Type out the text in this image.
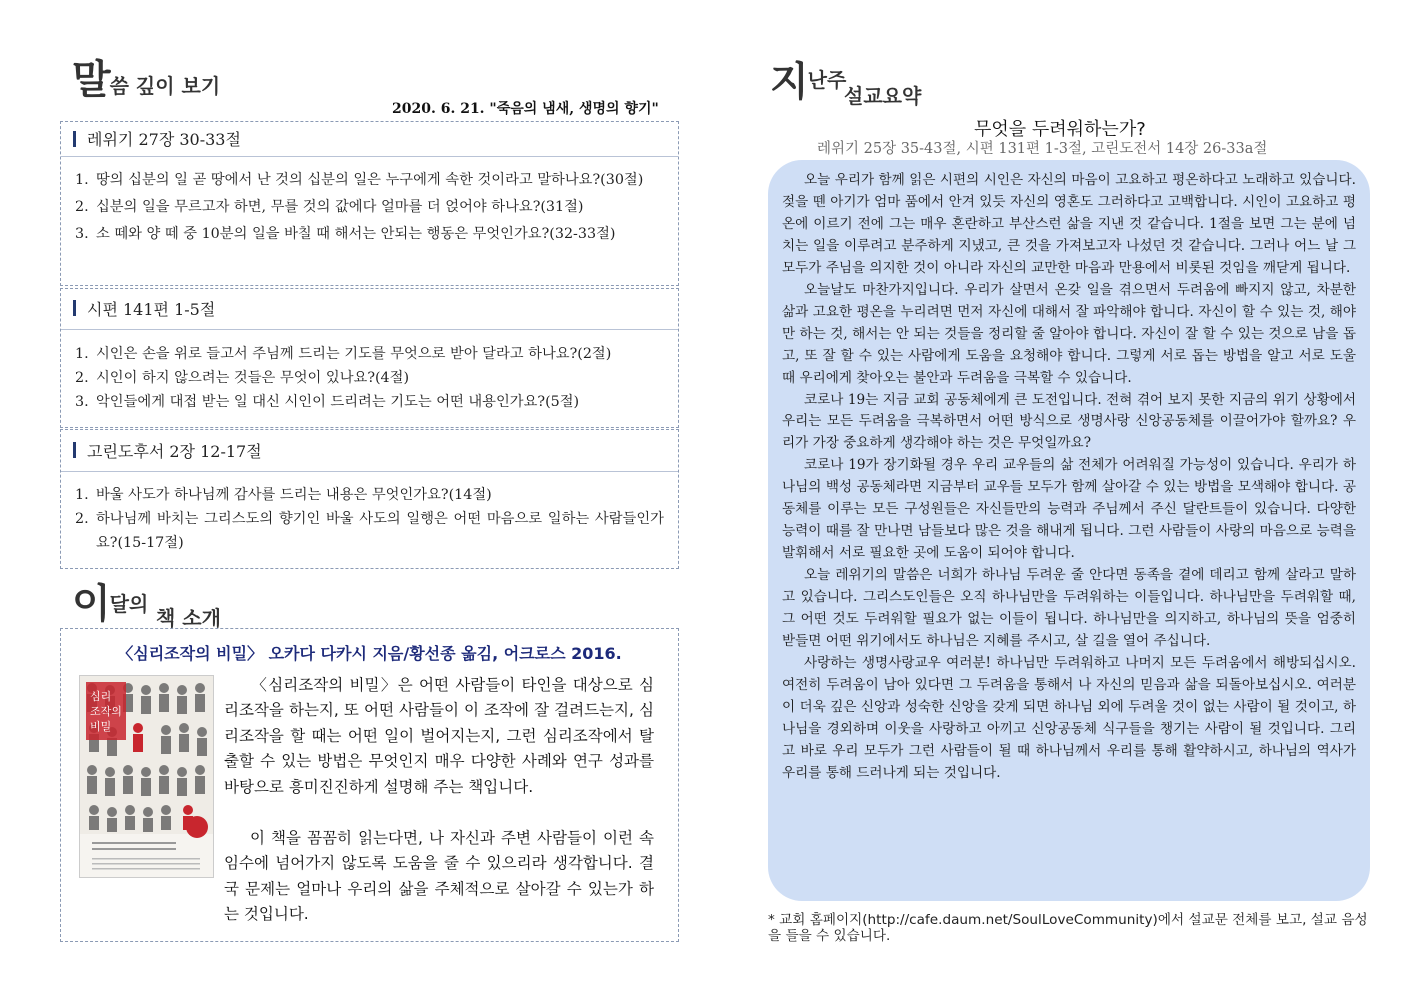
말씀 깊이 보기
2020. 6. 21. "죽음의 냄새, 생명의 향기"
레위기 27장 30-33절
1. 땅의 십분의 일 곧 땅에서 난 것의 십분의 일은 누구에게 속한 것이라고 말하나요?(30절)
2. 십분의 일을 무르고자 하면, 무를 것의 값에다 얼마를 더 얹어야 하나요?(31절)
3. 소 떼와 양 떼 중 10분의 일을 바칠 때 해서는 안되는 행동은 무엇인가요?(32-33절)
시편 141편 1-5절
1. 시인은 손을 위로 들고서 주님께 드리는 기도를 무엇으로 받아 달라고 하나요?(2절)
2. 시인이 하지 않으려는 것들은 무엇이 있나요?(4절)
3. 악인들에게 대접 받는 일 대신 시인이 드리려는 기도는 어떤 내용인가요?(5절)
고린도후서 2장 12-17절
1. 바울 사도가 하나님께 감사를 드리는 내용은 무엇인가요?(14절)
2. 하나님께 바치는 그리스도의 향기인 바울 사도의 일행은 어떤 마음으로 일하는 사람들인가요?(15-17절)
이달의
책 소개
〈심리조작의 비밀〉 오카다 다카시 지음/황선종 옮김, 어크로스 2016.
심리
조작의
비밀
〈심리조작의 비밀〉은 어떤 사람들이 타인을 대상으로 심리조작을 하는지, 또 어떤 사람들이 이 조작에 잘 걸려드는지, 심리조작을 할 때는 어떤 일이 벌어지는지, 그런 심리조작에서 탈출할 수 있는 방법은 무엇인지 매우 다양한 사례와 연구 성과를 바탕으로 흥미진진하게 설명해 주는 책입니다.
이 책을 꼼꼼히 읽는다면, 나 자신과 주변 사람들이 이런 속임수에 넘어가지 않도록 도움을 줄 수 있으리라 생각합니다. 결국 문제는 얼마나 우리의 삶을 주체적으로 살아갈 수 있는가 하는 것입니다.
지난주
설교요약
무엇을 두려워하는가?
레위기 25장 35-43절, 시편 131편 1-3절, 고린도전서 14장 26-33a절

오늘 우리가 함께 읽은 시편의 시인은 자신의 마음이 고요하고 평온하다고 노래하고 있습니다. 젖을 뗀 아기가 엄마 품에서 안겨 있듯 자신의 영혼도 그러하다고 고백합니다. 시인이 고요하고 평온에 이르기 전에 그는 매우 혼란하고 부산스런 삶을 지낸 것 같습니다. 1절을 보면 그는 분에 넘치는 일을 이루려고 분주하게 지냈고, 큰 것을 가져보고자 나섰던 것 같습니다. 그러나 어느 날 그 모두가 주님을 의지한 것이 아니라 자신의 교만한 마음과 만용에서 비롯된 것임을 깨닫게 됩니다.

오늘날도 마찬가지입니다. 우리가 살면서 온갖 일을 겪으면서 두려움에 빠지지 않고, 차분한 삶과 고요한 평온을 누리려면 먼저 자신에 대해서 잘 파악해야 합니다. 자신이 할 수 있는 것, 해야만 하는 것, 해서는 안 되는 것들을 정리할 줄 알아야 합니다. 자신이 잘 할 수 있는 것으로 남을 돕고, 또 잘 할 수 있는 사람에게 도움을 요청해야 합니다. 그렇게 서로 돕는 방법을 알고 서로 도울 때 우리에게 찾아오는 불안과 두려움을 극복할 수 있습니다.

코로나 19는 지금 교회 공동체에게 큰 도전입니다. 전혀 겪어 보지 못한 지금의 위기 상황에서 우리는 모든 두려움을 극복하면서 어떤 방식으로 생명사랑 신앙공동체를 이끌어가야 할까요? 우리가 가장 중요하게 생각해야 하는 것은 무엇일까요?

코로나 19가 장기화될 경우 우리 교우들의 삶 전체가 어려워질 가능성이 있습니다. 우리가 하나님의 백성 공동체라면 지금부터 교우들 모두가 함께 살아갈 수 있는 방법을 모색해야 합니다. 공동체를 이루는 모든 구성원들은 자신들만의 능력과 주님께서 주신 달란트들이 있습니다. 다양한 능력이 때를 잘 만나면 남들보다 많은 것을 해내게 됩니다. 그런 사람들이 사랑의 마음으로 능력을 발휘해서 서로 필요한 곳에 도움이 되어야 합니다.

오늘 레위기의 말씀은 너희가 하나님 두려운 줄 안다면 동족을 곁에 데리고 함께 살라고 말하고 있습니다. 그리스도인들은 오직 하나님만을 두려워하는 이들입니다. 하나님만을 두려워할 때, 그 어떤 것도 두려워할 필요가 없는 이들이 됩니다. 하나님만을 의지하고, 하나님의 뜻을 엄중히 받들면 어떤 위기에서도 하나님은 지혜를 주시고, 살 길을 열어 주십니다.

사랑하는 생명사랑교우 여러분! 하나님만 두려워하고 나머지 모든 두려움에서 해방되십시오. 여전히 두려움이 남아 있다면 그 두려움을 통해서 나 자신의 믿음과 삶을 되돌아보십시오. 여러분이 더욱 깊은 신앙과 성숙한 신앙을 갖게 되면 하나님 외에 두려울 것이 없는 사람이 될 것이고, 하나님을 경외하며 이웃을 사랑하고 아끼고 신앙공동체 식구들을 챙기는 사람이 될 것입니다. 그리고 바로 우리 모두가 그런 사람들이 될 때 하나님께서 우리를 통해 활약하시고, 하나님의 역사가 우리를 통해 드러나게 되는 것입니다.

* 교회 홈페이지(http://cafe.daum.net/SoulLoveCommunity)에서 설교문 전체를 보고, 설교 음성을 들을 수 있습니다.
